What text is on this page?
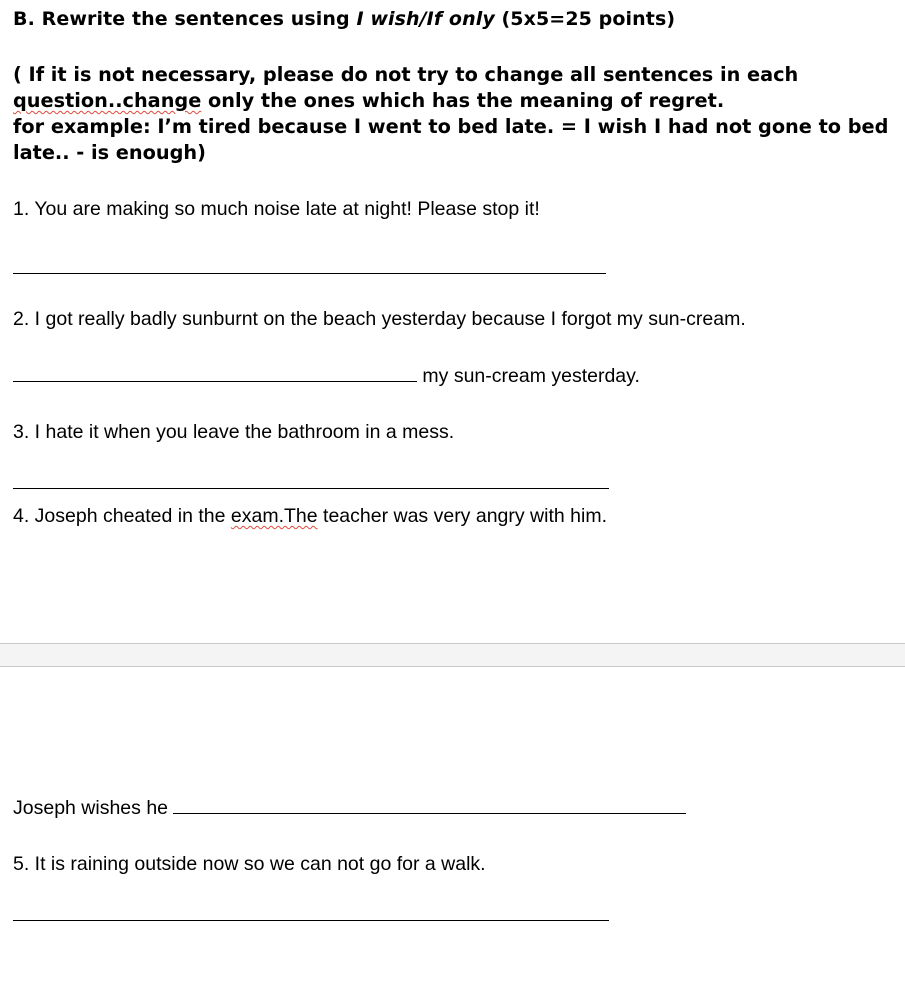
B. Rewrite the sentences using I wish/If only (5x5=25 points)
( If it is not necessary, please do not try to change all sentences in each
question..change only the ones which has the meaning of regret.
for example: I’m tired because I went to bed late. = I wish I had not gone to bed
late.. - is enough)
1. You are making so much noise late at night! Please stop it!
2. I got really badly sunburnt on the beach yesterday because I forgot my sun-cream.
my sun-cream yesterday.
3. I hate it when you leave the bathroom in a mess.
4. Joseph cheated in the exam.The teacher was very angry with him.
Joseph wishes he
5. It is raining outside now so we can not go for a walk.
